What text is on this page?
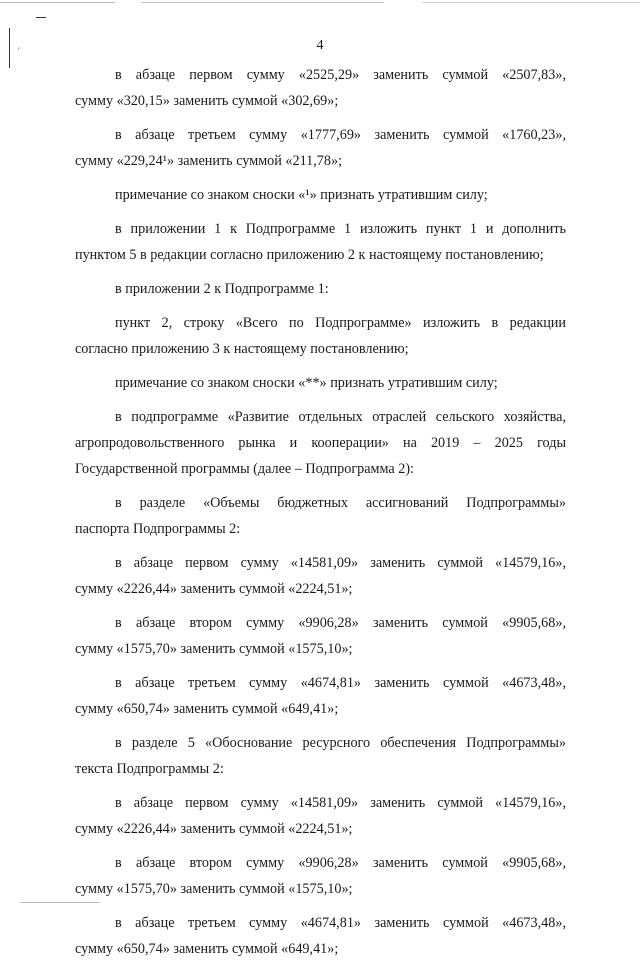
'	4
в абзаце первом сумму «2525,29» заменить суммой «2507,83»,
сумму «320,15» заменить суммой «302,69»;
в абзаце третьем сумму «1777,69» заменить суммой «1760,23»,
сумму «229,24¹» заменить суммой «211,78»;
примечание со знаком сноски «¹» признать утратившим силу;
в приложении 1 к Подпрограмме 1 изложить пункт 1 и дополнить
пунктом 5 в редакции согласно приложению 2 к настоящему постановлению;
в приложении 2 к Подпрограмме 1:
пункт 2, строку «Всего по Подпрограмме» изложить в редакции
согласно приложению 3 к настоящему постановлению;
примечание со знаком сноски «**» признать утратившим силу;
в подпрограмме «Развитие отдельных отраслей сельского хозяйства,
агропродовольственного рынка и кооперации» на 2019 – 2025 годы
Государственной программы (далее – Подпрограмма 2):
в разделе «Объемы бюджетных ассигнований Подпрограммы»
паспорта Подпрограммы 2:
в абзаце первом сумму «14581,09» заменить суммой «14579,16»,
сумму «2226,44» заменить суммой «2224,51»;
в абзаце втором сумму «9906,28» заменить суммой «9905,68»,
сумму «1575,70» заменить суммой «1575,10»;
в абзаце третьем сумму «4674,81» заменить суммой «4673,48»,
сумму «650,74» заменить суммой «649,41»;
в разделе 5 «Обоснование ресурсного обеспечения Подпрограммы»
текста Подпрограммы 2:
в абзаце первом сумму «14581,09» заменить суммой «14579,16»,
сумму «2226,44» заменить суммой «2224,51»;
в абзаце втором сумму «9906,28» заменить суммой «9905,68»,
сумму «1575,70» заменить суммой «1575,10»;
в абзаце третьем сумму «4674,81» заменить суммой «4673,48»,
сумму «650,74» заменить суммой «649,41»;
